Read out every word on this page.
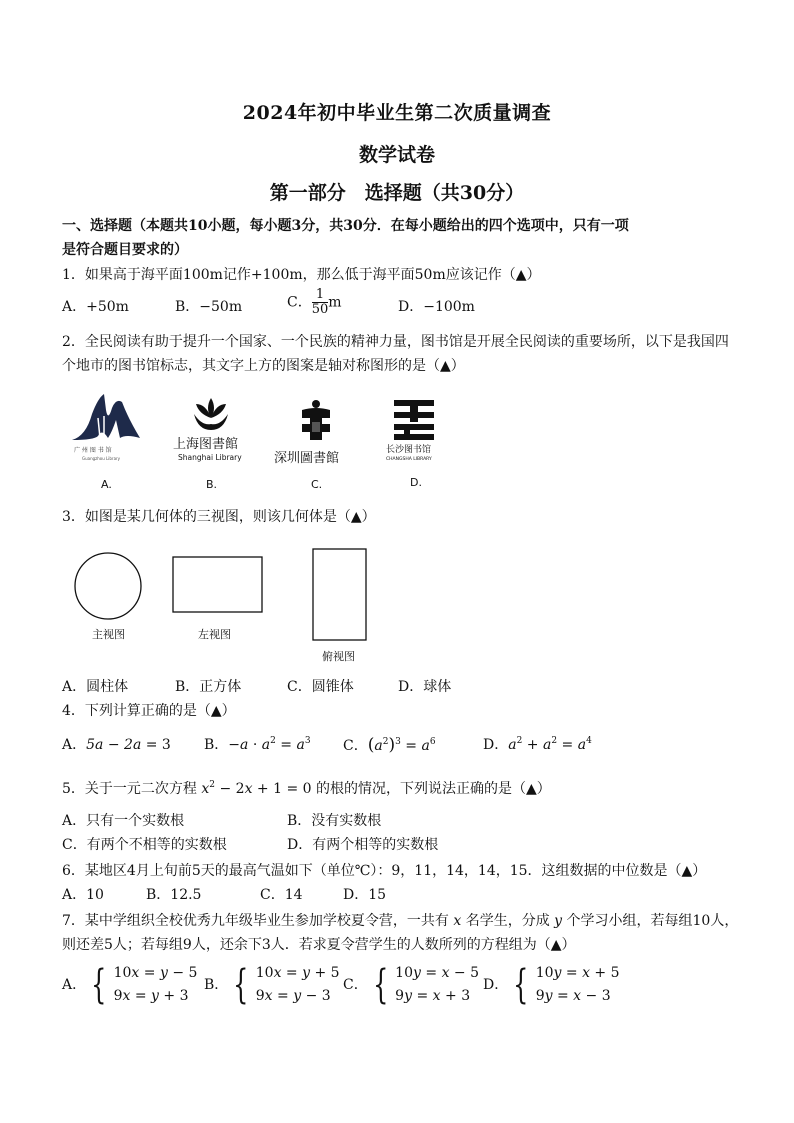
2024年初中毕业生第二次质量调查
数学试卷
第一部分　选择题（共30分）
一、选择题（本题共10小题，每小题3分，共30分．在每小题给出的四个选项中，只有一项
是符合题目要求的）
1．如果高于海平面100m记作+100m，那么低于海平面50m应该记作（▲）
A．+50m	B．−50m	C． $\frac{1}{50}$ m	D．−100m
2．全民阅读有助于提升一个国家、一个民族的精神力量，图书馆是开展全民阅读的重要场所，以下是我国四
个地市的图书馆标志，其文字上方的图案是轴对称图形的是（▲）
广 州 图 书 馆
Guangzhou Library
A.
上海图書館
Shanghai Library
B.
深圳圖書館
C.
长沙图书馆
CHANGSHA LIBRARY
D.
3．如图是某几何体的三视图，则该几何体是（▲）
主视图	左视图
俯视图
A．圆柱体	B．正方体	C．圆锥体	D．球体
4．下列计算正确的是（▲）
A．5a − 2a = 3 B．$-a \cdot a^2 = a^3$ C．$(a^2)^3 = a^6$	D．$a^2 + a^2 = a^4$
5．关于一元二次方程 $x^2 - 2x + 1 = 0$ 的根的情况，下列说法正确的是（▲）
A．只有一个实数根	B．没有实数根
C．有两个不相等的实数根	D．有两个相等的实数根
6．某地区4月上旬前5天的最高气温如下（单位℃）：9，11，14，14，15．这组数据的中位数是（▲）
A．10	B．12.5	C．14	D．15
7．某中学组织全校优秀九年级毕业生参加学校夏令营，一共有 x 名学生，分成 y 个学习小组，若每组10人，
则还差5人；若每组9人，还余下3人．若求夏令营学生的人数所列的方程组为（▲）
A． { 10x = y − 5
9x = y + 3
B． { 10x = y + 5
9x = y − 3
C． { 10y = x − 5
9y = x + 3
D． { 10y = x + 5
9y = x − 3
